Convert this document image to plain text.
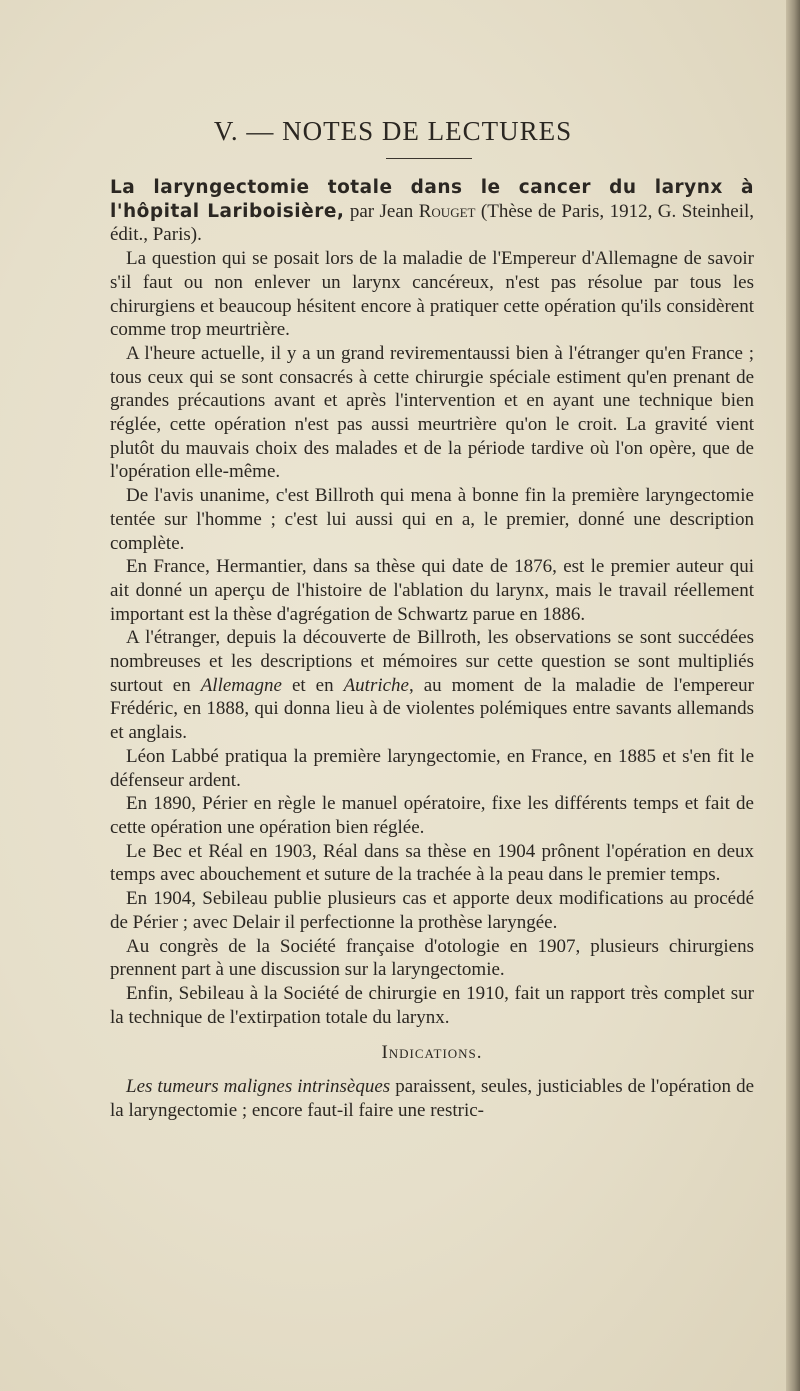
V. — NOTES DE LECTURES

La laryngectomie totale dans le cancer du larynx à l'hôpital Lariboisière, par Jean Rouget (Thèse de Paris, 1912, G. Steinheil, édit., Paris).

La question qui se posait lors de la maladie de l'Empereur d'Allemagne de savoir s'il faut ou non enlever un larynx cancéreux, n'est pas résolue par tous les chirurgiens et beaucoup hésitent encore à pratiquer cette opération qu'ils considèrent comme trop meurtrière.

A l'heure actuelle, il y a un grand revirementaussi bien à l'étranger qu'en France ; tous ceux qui se sont consacrés à cette chirurgie spéciale estiment qu'en prenant de grandes précautions avant et après l'intervention et en ayant une technique bien réglée, cette opération n'est pas aussi meurtrière qu'on le croit. La gravité vient plutôt du mauvais choix des malades et de la période tardive où l'on opère, que de l'opération elle-même.

De l'avis unanime, c'est Billroth qui mena à bonne fin la première laryngectomie tentée sur l'homme ; c'est lui aussi qui en a, le premier, donné une description complète.

En France, Hermantier, dans sa thèse qui date de 1876, est le premier auteur qui ait donné un aperçu de l'histoire de l'ablation du larynx, mais le travail réellement important est la thèse d'agrégation de Schwartz parue en 1886.

A l'étranger, depuis la découverte de Billroth, les observations se sont succédées nombreuses et les descriptions et mémoires sur cette question se sont multipliés surtout en Allemagne et en Autriche, au moment de la maladie de l'empereur Frédéric, en 1888, qui donna lieu à de violentes polémiques entre savants allemands et anglais.

Léon Labbé pratiqua la première laryngectomie, en France, en 1885 et s'en fit le défenseur ardent.

En 1890, Périer en règle le manuel opératoire, fixe les différents temps et fait de cette opération une opération bien réglée.

Le Bec et Réal en 1903, Réal dans sa thèse en 1904 prônent l'opération en deux temps avec abouchement et suture de la trachée à la peau dans le premier temps.

En 1904, Sebileau publie plusieurs cas et apporte deux modifications au procédé de Périer ; avec Delair il perfectionne la prothèse laryngée.

Au congrès de la Société française d'otologie en 1907, plusieurs chirurgiens prennent part à une discussion sur la laryngectomie.

Enfin, Sebileau à la Société de chirurgie en 1910, fait un rapport très complet sur la technique de l'extirpation totale du larynx.

Indications.

Les tumeurs malignes intrinsèques paraissent, seules, justiciables de l'opération de la laryngectomie ; encore faut-il faire une restric-
